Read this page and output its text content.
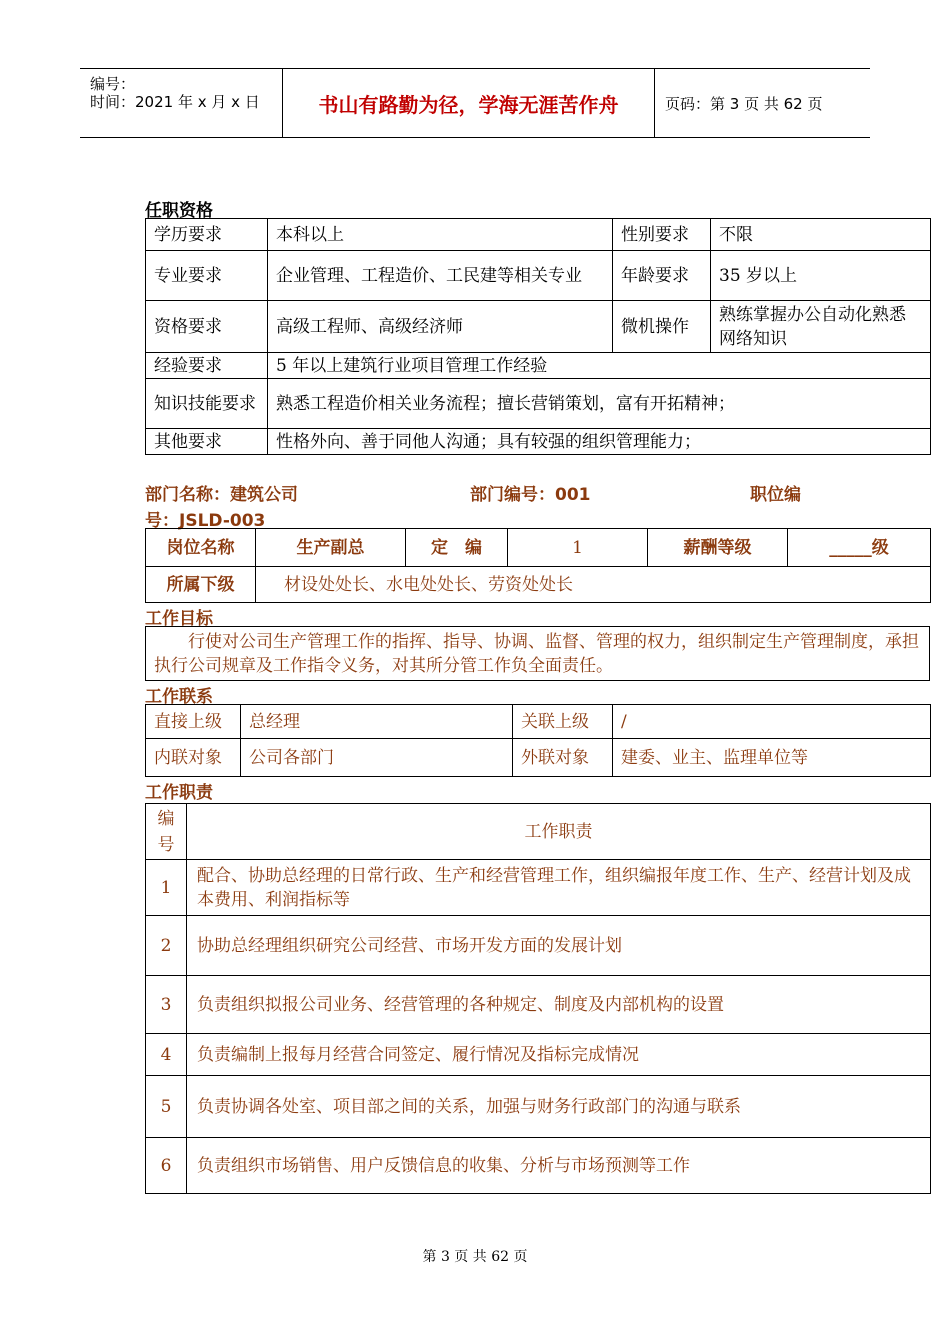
编号：
时间：2021 年 x 月 x 日	书山有路勤为径，学海无涯苦作舟	页码：第 3 页 共 62 页
任职资格
学历要求	本科以上	性别要求	不限
专业要求	企业管理、工程造价、工民建等相关专业	年龄要求	35 岁以上
资格要求	高级工程师、高级经济师	微机操作	熟练掌握办公自动化熟悉网络知识
经验要求	5 年以上建筑行业项目管理工作经验		
知识技能要求	熟悉工程造价相关业务流程；擅长营销策划，富有开拓精神；		
其他要求	性格外向、善于同他人沟通；具有较强的组织管理能力；		
部门名称：建筑公司	部门编号：001	职位编
号：JSLD-003
岗位名称	生产副总	定　编	1	薪酬等级	_____级
所属下级	材设处处长、水电处处长、劳资处处长				
工作目标
行使对公司生产管理工作的指挥、指导、协调、监督、管理的权力，组织制定生产管理制度，承担执行公司规章及工作指令义务，对其所分管工作负全面责任。
工作联系
直接上级	总经理	关联上级	/
内联对象	公司各部门	外联对象	建委、业主、监理单位等
工作职责
编号	工作职责
1	配合、协助总经理的日常行政、生产和经营管理工作，组织编报年度工作、生产、经营计划及成本费用、利润指标等
2	协助总经理组织研究公司经营、市场开发方面的发展计划
3	负责组织拟报公司业务、经营管理的各种规定、制度及内部机构的设置
4	负责编制上报每月经营合同签定、履行情况及指标完成情况
5	负责协调各处室、项目部之间的关系，加强与财务行政部门的沟通与联系
6	负责组织市场销售、用户反馈信息的收集、分析与市场预测等工作
第 3 页 共 62 页
